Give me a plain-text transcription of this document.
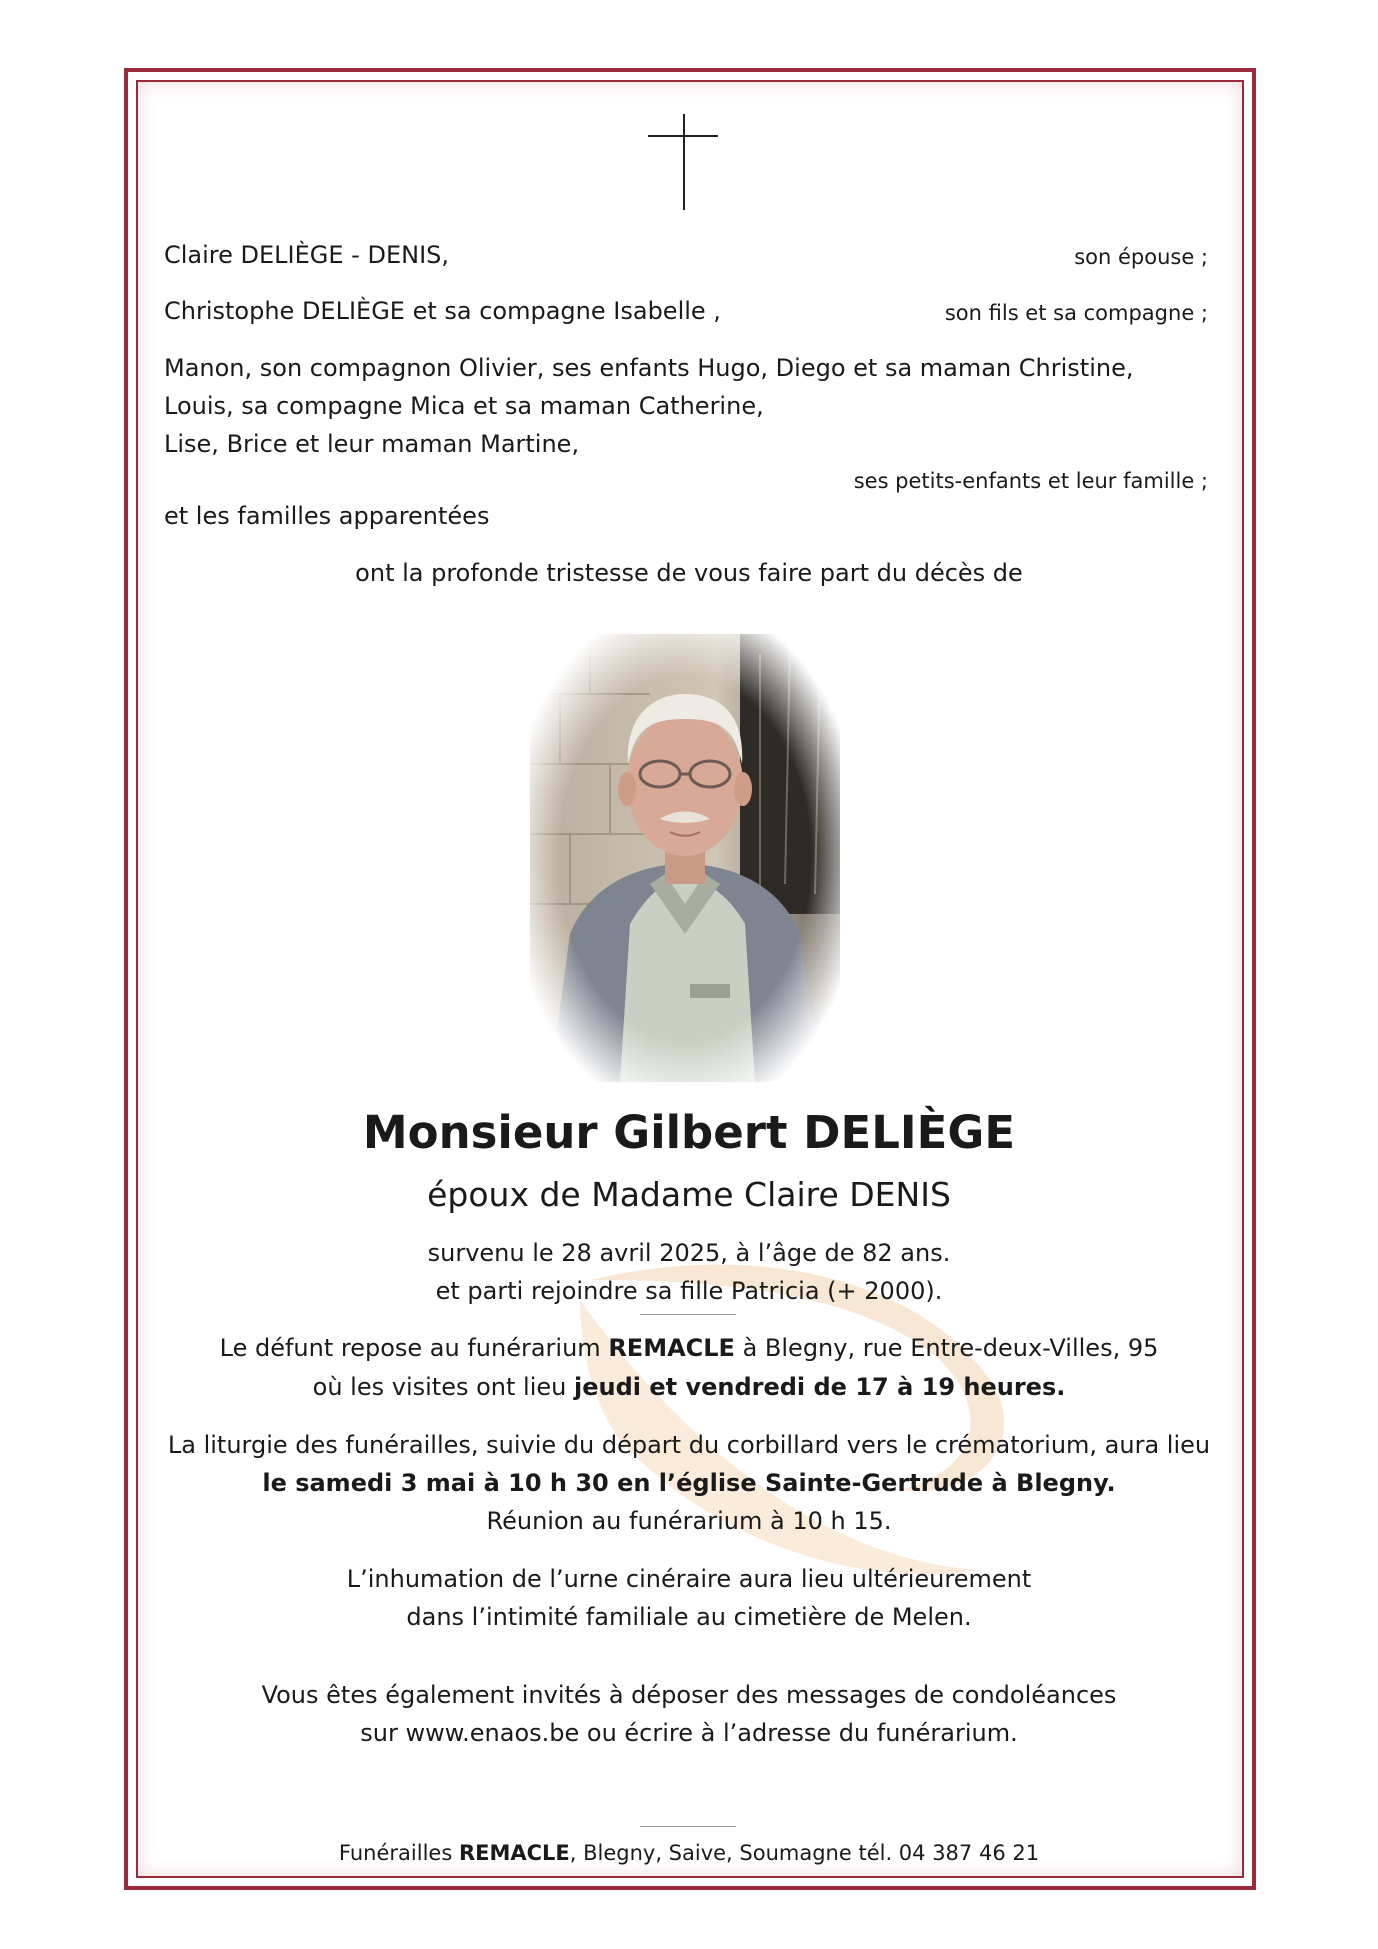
Claire DELIÈGE - DENIS,	son épouse ;
Christophe DELIÈGE et sa compagne Isabelle ,	son fils et sa compagne ;
Manon, son compagnon Olivier, ses enfants Hugo, Diego et sa maman Christine,
Louis, sa compagne Mica et sa maman Catherine,
Lise, Brice et leur maman Martine,
ses petits-enfants et leur famille ;
et les familles apparentées
ont la profonde tristesse de vous faire part du décès de
Monsieur Gilbert DELIÈGE
époux de Madame Claire DENIS
survenu le 28 avril 2025, à l’âge de 82 ans.
et parti rejoindre sa fille Patricia (+ 2000).
Le défunt repose au funérarium REMACLE à Blegny, rue Entre-deux-Villes, 95
où les visites ont lieu jeudi et vendredi de 17 à 19 heures.
La liturgie des funérailles, suivie du départ du corbillard vers le crématorium, aura lieu
le samedi 3 mai à 10 h 30 en l’église Sainte-Gertrude à Blegny.
Réunion au funérarium à 10 h 15.
L’inhumation de l’urne cinéraire aura lieu ultérieurement
dans l’intimité familiale au cimetière de Melen.
Vous êtes également invités à déposer des messages de condoléances
sur www.enaos.be ou écrire à l’adresse du funérarium.
Funérailles REMACLE, Blegny, Saive, Soumagne tél. 04 387 46 21
